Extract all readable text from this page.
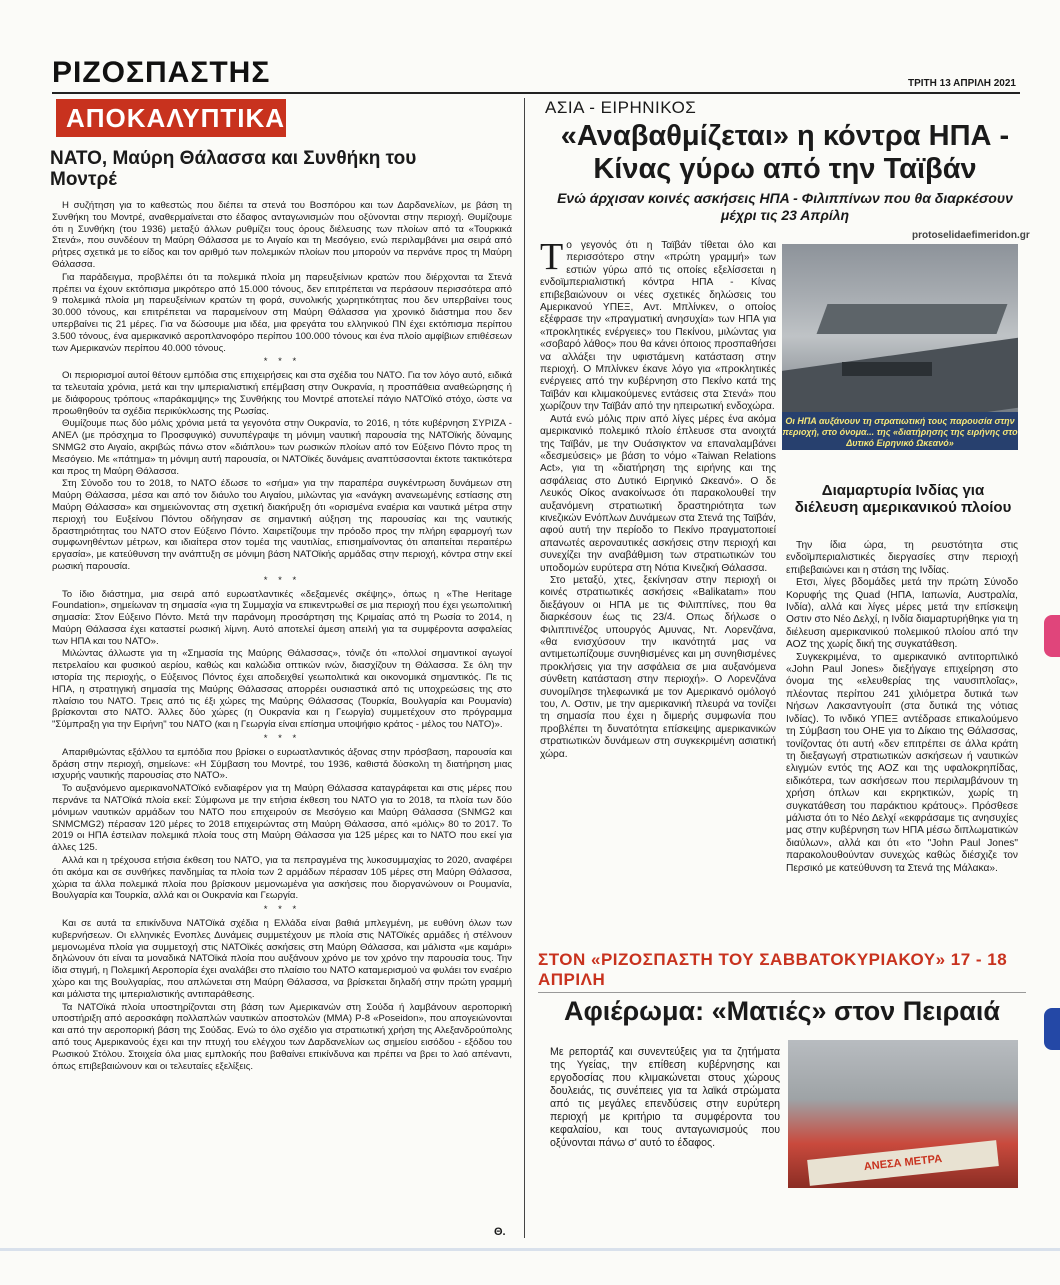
ΡΙΖΟΣΠΑΣΤΗΣ	ΤΡΙΤΗ 13 ΑΠΡΙΛΗ 2021
ΑΠΟΚΑΛΥΠΤΙΚΑ
ΝΑΤΟ, Μαύρη Θάλασσα και Συνθήκη του Μοντρέ

Η συζήτηση για το καθεστώς που διέπει τα στενά του Βοσπόρου και των Δαρδανελίων, με βάση τη Συνθήκη του Μοντρέ, αναθερμαίνεται στο έδαφος ανταγωνισμών που οξύνονται στην περιοχή. Θυμίζουμε ότι η Συνθήκη (του 1936) μεταξύ άλλων ρυθμίζει τους όρους διέλευσης των πλοίων από τα «Τουρκικά Στενά», που συνδέουν τη Μαύρη Θάλασσα με το Αιγαίο και τη Μεσόγειο, ενώ περιλαμβάνει μια σειρά από ρήτρες σχετικά με το είδος και τον αριθμό των πολεμικών πλοίων που μπορούν να περνάνε προς τη Μαύρη Θάλασσα.

Για παράδειγμα, προβλέπει ότι τα πολεμικά πλοία μη παρευξείνιων κρατών που διέρχονται τα Στενά πρέπει να έχουν εκτόπισμα μικρότερο από 15.000 τόνους, δεν επιτρέπεται να περάσουν περισσότερα από 9 πολεμικά πλοία μη παρευξείνιων κρατών τη φορά, συνολικής χωρητικότητας που δεν υπερβαίνει τους 30.000 τόνους, και επιτρέπεται να παραμείνουν στη Μαύρη Θάλασσα για χρονικό διάστημα που δεν υπερβαίνει τις 21 μέρες. Για να δώσουμε μια ιδέα, μια φρεγάτα του ελληνικού ΠΝ έχει εκτόπισμα περίπου 3.500 τόνους, ένα αμερικανικό αεροπλανοφόρο περίπου 100.000 τόνους και ένα πλοίο αμφίβιων επιθέσεων των Αμερικανών περίπου 40.000 τόνους.

* * *

Οι περιορισμοί αυτοί θέτουν εμπόδια στις επιχειρήσεις και στα σχέδια του ΝΑΤΟ. Για τον λόγο αυτό, ειδικά τα τελευταία χρόνια, μετά και την ιμπεριαλιστική επέμβαση στην Ουκρανία, η προσπάθεια αναθεώρησης ή με διάφορους τρόπους «παράκαμψης» της Συνθήκης του Μοντρέ αποτελεί πάγιο ΝΑΤΟϊκό στόχο, ώστε να προωθηθούν τα σχέδια περικύκλωσης της Ρωσίας.

Θυμίζουμε πως δύο μόλις χρόνια μετά τα γεγονότα στην Ουκρανία, το 2016, η τότε κυβέρνηση ΣΥΡΙΖΑ - ΑΝΕΛ (με πρόσχημα το Προσφυγικό) συνυπέγραψε τη μόνιμη ναυτική παρουσία της ΝΑΤΟϊκής δύναμης SNMG2 στο Αιγαίο, ακριβώς πάνω στον «διάπλου» των ρωσικών πλοίων από τον Εύξεινο Πόντο προς τη Μεσόγειο. Με «πάτημα» τη μόνιμη αυτή παρουσία, οι ΝΑΤΟϊκές δυνάμεις αναπτύσσονται έκτοτε τακτικότερα και προς τη Μαύρη Θάλασσα.

Στη Σύνοδο του το 2018, το ΝΑΤΟ έδωσε το «σήμα» για την παραπέρα συγκέντρωση δυνάμεων στη Μαύρη Θάλασσα, μέσα και από τον διάυλο του Αιγαίου, μιλώντας για «ανάγκη ανανεωμένης εστίασης στη Μαύρη Θάλασσα» και σημειώνοντας στη σχετική διακήρυξη ότι «ορισμένα εναέρια και ναυτικά μέτρα στην περιοχή του Ευξείνου Πόντου οδήγησαν σε σημαντική αύξηση της παρουσίας και της ναυτικής δραστηριότητας του ΝΑΤΟ στον Εύξεινο Πόντο. Χαιρετίζουμε την πρόοδο προς την πλήρη εφαρμογή των συμφωνηθέντων μέτρων, και ιδιαίτερα στον τομέα της ναυτιλίας, επισημαίνοντας ότι απαιτείται περαιτέρω εργασία», με κατεύθυνση την ανάπτυξη σε μόνιμη βάση ΝΑΤΟϊκής αρμάδας στην περιοχή, κόντρα στην εκεί ρωσική παρουσία.

* * *

Το ίδιο διάστημα, μια σειρά από ευρωατλαντικές «δεξαμενές σκέψης», όπως η «The Heritage Foundation», σημείωναν τη σημασία «για τη Συμμαχία να επικεντρωθεί σε μια περιοχή που έχει γεωπολιτική σημασία: Στον Εύξεινο Πόντο. Μετά την παράνομη προσάρτηση της Κριμαίας από τη Ρωσία το 2014, η Μαύρη Θάλασσα έχει καταστεί ρωσική λίμνη. Αυτό αποτελεί άμεση απειλή για τα συμφέροντα ασφαλείας των ΗΠΑ και του ΝΑΤΟ».

Μιλώντας άλλωστε για τη «Σημασία της Μαύρης Θάλασσας», τόνιζε ότι «πολλοί σημαντικοί αγωγοί πετρελαίου και φυσικού αερίου, καθώς και καλώδια οπτικών ινών, διασχίζουν τη Θάλασσα. Σε όλη την ιστορία της περιοχής, ο Εύξεινος Πόντος έχει αποδειχθεί γεωπολιτικά και οικονομικά σημαντικός. Πε τις ΗΠΑ, η στρατηγική σημασία της Μαύρης Θάλασσας απορρέει ουσιαστικά από τις υποχρεώσεις της στο πλαίσιο του ΝΑΤΟ. Τρεις από τις έξι χώρες της Μαύρης Θάλασσας (Τουρκία, Βουλγαρία και Ρουμανία) βρίσκονται στο ΝΑΤΟ. Άλλες δύο χώρες (η Ουκρανία και η Γεωργία) συμμετέχουν στο πρόγραμμα "Σύμπραξη για την Ειρήνη" του ΝΑΤΟ (και η Γεωργία είναι επίσημα υποψήφιο κράτος - μέλος του ΝΑΤΟ)».

* * *

Απαριθμώντας εξάλλου τα εμπόδια που βρίσκει ο ευρωατλαντικός άξονας στην πρόσβαση, παρουσία και δράση στην περιοχή, σημείωνε: «Η Σύμβαση του Μοντρέ, του 1936, καθιστά δύσκολη τη διατήρηση μιας ισχυρής ναυτικής παρουσίας στο ΝΑΤΟ».

Το αυξανόμενο αμερικανοΝΑΤΟϊκό ενδιαφέρον για τη Μαύρη Θάλασσα καταγράφεται και στις μέρες που περνάνε τα ΝΑΤΟϊκά πλοία εκεί: Σύμφωνα με την ετήσια έκθεση του ΝΑΤΟ για το 2018, τα πλοία των δύο μόνιμων ναυτικών αρμάδων του ΝΑΤΟ που επιχειρούν σε Μεσόγειο και Μαύρη Θάλασσα (SNMG2 και SNMCMG2) πέρασαν 120 μέρες το 2018 επιχειρώντας στη Μαύρη Θάλασσα, από «μόλις» 80 το 2017. Το 2019 οι ΗΠΑ έστειλαν πολεμικά πλοία τους στη Μαύρη Θάλασσα για 125 μέρες και το ΝΑΤΟ που εκεί για άλλες 125.

Αλλά και η τρέχουσα ετήσια έκθεση του ΝΑΤΟ, για τα πεπραγμένα της λυκοσυμμαχίας το 2020, αναφέρει ότι ακόμα και σε συνθήκες πανδημίας τα πλοία των 2 αρμάδων πέρασαν 105 μέρες στη Μαύρη Θάλασσα, χώρια τα άλλα πολεμικά πλοία που βρίσκουν μεμονωμένα για ασκήσεις που διοργανώνουν οι Ρουμανία, Βουλγαρία και Τουρκία, αλλά και οι Ουκρανία και Γεωργία.

* * *

Και σε αυτά τα επικίνδυνα ΝΑΤΟϊκά σχέδια η Ελλάδα είναι βαθιά μπλεγμένη, με ευθύνη όλων των κυβερνήσεων. Οι ελληνικές Ενοπλες Δυνάμεις συμμετέχουν με πλοία στις ΝΑΤΟϊκές αρμάδες ή στέλνουν μεμονωμένα πλοία για συμμετοχή στις ΝΑΤΟϊκές ασκήσεις στη Μαύρη Θάλασσα, και μάλιστα «με καμάρι» δηλώνουν ότι είναι τα μοναδικά ΝΑΤΟϊκά πλοία που αυξάνουν χρόνο με τον χρόνο την παρουσία τους. Την ίδια στιγμή, η Πολεμική Αεροπορία έχει αναλάβει στο πλαίσιο του ΝΑΤΟ καταμερισμού να φυλάει τον εναέριο χώρο και της Βουλγαρίας, που απλώνεται στη Μαύρη Θάλασσα, να βρίσκεται δηλαδή στην πρώτη γραμμή και μάλιστα της ιμπεριαλιστικής αντιπαράθεσης.

Τα ΝΑΤΟϊκά πλοία υποστηρίζονται στη βάση των Αμερικανών στη Σούδα ή λαμβάνουν αεροπορική υποστήριξη από αεροσκάφη πολλαπλών ναυτικών αποστολών (ΜΜΑ) P-8 «Poseidon», που απογειώνονται και από την αεροπορική βάση της Σούδας. Ενώ το όλο σχέδιο για στρατιωτική χρήση της Αλεξανδρούπολης από τους Αμερικανούς έχει και την πτυχή του ελέγχου των Δαρδανελίων ως σημείου εισόδου - εξόδου του Ρωσικού Στόλου. Στοιχεία όλα μιας εμπλοκής που βαθαίνει επικίνδυνα και πρέπει να βρει το λαό απέναντι, όπως επιβεβαιώνουν και οι τελευταίες εξελίξεις.

Θ.
ΑΣΙΑ - ΕΙΡΗΝΙΚΟΣ
«Αναβαθμίζεται» η κόντρα ΗΠΑ - Κίνας γύρω από την Ταϊβάν
Ενώ άρχισαν κοινές ασκήσεις ΗΠΑ - Φιλιππίνων που θα διαρκέσουν μέχρι τις 23 Απρίλη
protoselidaefimeridon.gr
Τ ο γεγονός ότι η Ταϊβάν τίθεται όλο και περισσότερο στην «πρώτη γραμμή» των εστιών γύρω από τις οποίες εξελίσσεται η ενδοϊμπεριαλιστική κόντρα ΗΠΑ - Κίνας επιβεβαιώνουν οι νέες σχετικές δηλώσεις του Αμερικανού ΥΠΕΞ, Αντ. Μπλίνκεν, ο οποίος εξέφρασε την «πραγματική ανησυχία» των ΗΠΑ για «προκλητικές ενέργειες» του Πεκίνου, μιλώντας για «σοβαρό λάθος» που θα κάνει όποιος προσπαθήσει να αλλάξει την υφιστάμενη κατάσταση στην περιοχή. Ο Μπλίνκεν έκανε λόγο για «προκλητικές ενέργειες από την κυβέρνηση στο Πεκίνο κατά της Ταϊβάν και κλιμακούμενες εντάσεις στα Στενά» που χωρίζουν την Ταϊβάν από την ηπειρωτική ενδοχώρα.

Αυτά ενώ μόλις πριν από λίγες μέρες ένα ακόμα αμερικανικό πολεμικό πλοίο έπλευσε στα ανοιχτά της Ταϊβάν, με την Ουάσιγκτον να επαναλαμβάνει «δεσμεύσεις» με βάση το νόμο «Taiwan Relations Act», για τη «διατήρηση της ειρήνης και της ασφάλειας στο Δυτικό Ειρηνικό Ωκεανό». Ο δε Λευκός Οίκος ανακοίνωσε ότι παρακολουθεί την αυξανόμενη στρατιωτική δραστηριότητα των κινεζικών Ενόπλων Δυνάμεων στα Στενά της Ταϊβάν, αφού αυτή την περίοδο το Πεκίνο πραγματοποιεί απανωτές αεροναυτικές ασκήσεις στην περιοχή και συνεχίζει την αναβάθμιση των στρατιωτικών του υποδομών ευρύτερα στη Νότια Κινεζική Θάλασσα.

Στο μεταξύ, χτες, ξεκίνησαν στην περιοχή οι κοινές στρατιωτικές ασκήσεις «Balikatam» που διεξάγουν οι ΗΠΑ με τις Φιλιππίνες, που θα διαρκέσουν έως τις 23/4. Οπως δήλωσε ο Φιλιππινέζος υπουργός Αμυνας, Ντ. Λορενζάνα, «θα ενισχύσουν την ικανότητά μας να αντιμετωπίζουμε συνηθισμένες και μη συνηθισμένες προκλήσεις για την ασφάλεια σε μια αυξανόμενα σύνθετη κατάσταση στην περιοχή». Ο Λορενζάνα συνομίλησε τηλεφωνικά με τον Αμερικανό ομόλογό του, Λ. Οστιν, με την αμερικανική πλευρά να τονίζει τη σημασία που έχει η διμερής συμφωνία που προβλέπει τη δυνατότητα επίσκεψης αμερικανικών στρατιωτικών δυνάμεων στη συγκεκριμένη ασιατική χώρα.

Οι ΗΠΑ αυξάνουν τη στρατιωτική τους παρουσία στην περιοχή, στο όνομα... της «διατήρησης της ειρήνης στο Δυτικό Ειρηνικό Ωκεανό»
Διαμαρτυρία Ινδίας για διέλευση αμερικανικού πλοίου

Την ίδια ώρα, τη ρευστότητα στις ενδοϊμπεριαλιστικές διεργασίες στην περιοχή επιβεβαιώνει και η στάση της Ινδίας.

Ετσι, λίγες βδομάδες μετά την πρώτη Σύνοδο Κορυφής της Quad (ΗΠΑ, Ιαπωνία, Αυστραλία, Ινδία), αλλά και λίγες μέρες μετά την επίσκεψη Οστιν στο Νέο Δελχί, η Ινδία διαμαρτυρήθηκε για τη διέλευση αμερικανικού πολεμικού πλοίου από την ΑΟΖ της χωρίς δική της συγκατάθεση.

Συγκεκριμένα, το αμερικανικό αντιτορπιλικό «John Paul Jones» διεξήγαγε επιχείρηση στο όνομα της «ελευθερίας της ναυσιπλοΐας», πλέοντας περίπου 241 χιλιόμετρα δυτικά των Νήσων Λακσαντγουίπ (στα δυτικά της νότιας Ινδίας). Το ινδικό ΥΠΕΞ αντέδρασε επικαλούμενο τη Σύμβαση του ΟΗΕ για το Δίκαιο της Θάλασσας, τονίζοντας ότι αυτή «δεν επιτρέπει σε άλλα κράτη τη διεξαγωγή στρατιωτικών ασκήσεων ή ναυτικών ελιγμών εντός της ΑΟΖ και της υφαλοκρηπίδας, ειδικότερα, των ασκήσεων που περιλαμβάνουν τη χρήση όπλων και εκρηκτικών, χωρίς τη συγκατάθεση του παράκτιου κράτους». Πρόσθεσε μάλιστα ότι το Νέο Δελχί «εκφράσαμε τις ανησυχίες μας στην κυβέρνηση των ΗΠΑ μέσω διπλωματικών διαύλων», αλλά και ότι «το "John Paul Jones" παρακολουθούνταν συνεχώς καθώς διέσχιζε τον Περσικό με κατεύθυνση τα Στενά της Μάλακα».

ΣΤΟΝ «ΡΙΖΟΣΠΑΣΤΗ ΤΟΥ ΣΑΒΒΑΤΟΚΥΡΙΑΚΟΥ» 17 - 18 ΑΠΡΙΛΗ
Αφιέρωμα: «Ματιές» στον Πειραιά
Με ρεπορτάζ και συνεντεύξεις για τα ζητήματα της Υγείας, την επίθεση κυβέρνησης και εργοδοσίας που κλιμακώνεται στους χώρους δουλειάς, τις συνέπειες για τα λαϊκά στρώματα από τις μεγάλες επενδύσεις στην ευρύτερη περιοχή με κριτήριο τα συμφέροντα του κεφαλαίου, και τους ανταγωνισμούς που οξύνονται πάνω σ' αυτό το έδαφος.
ΑΝΕΣΑ ΜΕΤΡΑ
